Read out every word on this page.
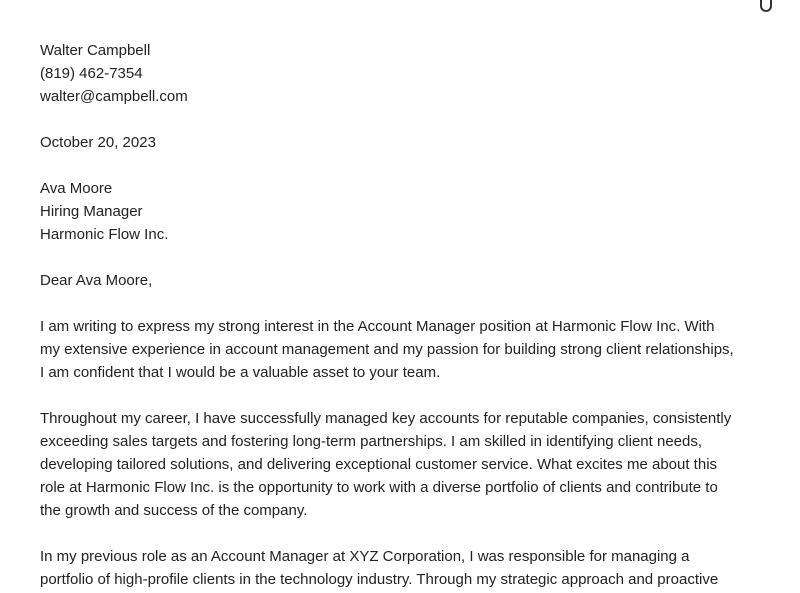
Walter Campbell
(819) 462-7354
walter@campbell.com
October 20, 2023
Ava Moore
Hiring Manager
Harmonic Flow Inc.
Dear Ava Moore,
I am writing to express my strong interest in the Account Manager position at Harmonic Flow Inc. With
my extensive experience in account management and my passion for building strong client relationships,
I am confident that I would be a valuable asset to your team.
Throughout my career, I have successfully managed key accounts for reputable companies, consistently
exceeding sales targets and fostering long-term partnerships. I am skilled in identifying client needs,
developing tailored solutions, and delivering exceptional customer service. What excites me about this
role at Harmonic Flow Inc. is the opportunity to work with a diverse portfolio of clients and contribute to
the growth and success of the company.
In my previous role as an Account Manager at XYZ Corporation, I was responsible for managing a
portfolio of high-profile clients in the technology industry. Through my strategic approach and proactive
